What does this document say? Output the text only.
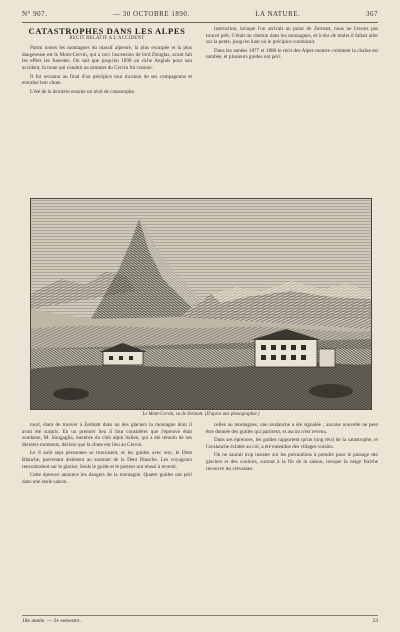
N° 907.	— 30 OCTOBRE 1890.	LA NATURE.	367
CATASTROPHES DANS LES ALPES
RECIT RELATIF A L'ACCIDENT

Parmi toutes les montagnes du massif alpestre, la plus escarpée et la plus dangereuse est le Mont-Cervin, qui a ravi l'ascension de lord Douglas, avant fait les effets les funestes. On sait que jusqu'en 1890 un riche Anglais pour son accident, la route qui conduit au sommet du Cervin fut connue.

Il fut reconnu au final d'un précipice tout inconnu de ses compagnons et entraîné leur chute.

L'été de la dernière ensuite un récit de catastrophe.

instruction, lorsque l'on arrivait au point de Zermatt, nous ne l'avons pas trouvé prêt. C'était un chemin dans les montagnes, et à dos de mulet il fallait aller sur la pente, jusqu'en haut où le précipice conduisait.

Dans les années 1877 et 1880 le récit des Alpes montre comment la chaîne est tombée, et plusieurs guides ont péri.

Le Mont-Cervin, vu de Zermatt. (D'après une photographie.)

mort, étant de trouver à Zermatt dans un des glaciers la montagne dont il avait été surpris. En un premier lieu il faut considérer que l'épreuve était soudaine, M. Sinigaglia, membre du club alpin italien, qui a été témoin de ses derniers moments, déclare que la chute eut lieu au Cervin.

Le 8 août sept personnes se trouvaient, et les guides avec eux, le Dent Blanche, parvenant aisément au sommet de la Dent Blanche. Les voyageurs rencontraient sur le glacier. Seuls le guide et le porteur ont réussi à revenir.

Cette épreuve annonce les dangers de la montagne. Quatre guides ont péri dans une seule saison.

celles au montagnes, une avalanche a été signalée ; aucune nouvelle ne peut être donnée des guides qui partirent, et aucun n'est revenu.

Dans ses épreuves, les guides rapportent qu'un long récit de la catastrophe, et l'avalanche éclatée au col, a été entendue des villages voisins.

On ne saurait trop insister sur les précautions à prendre pour le passage des glaciers et des couloirs, surtout à la fin de la saison, lorsque la neige fraîche recouvre les crevasses.

18e année. — 2e semestre.	23
